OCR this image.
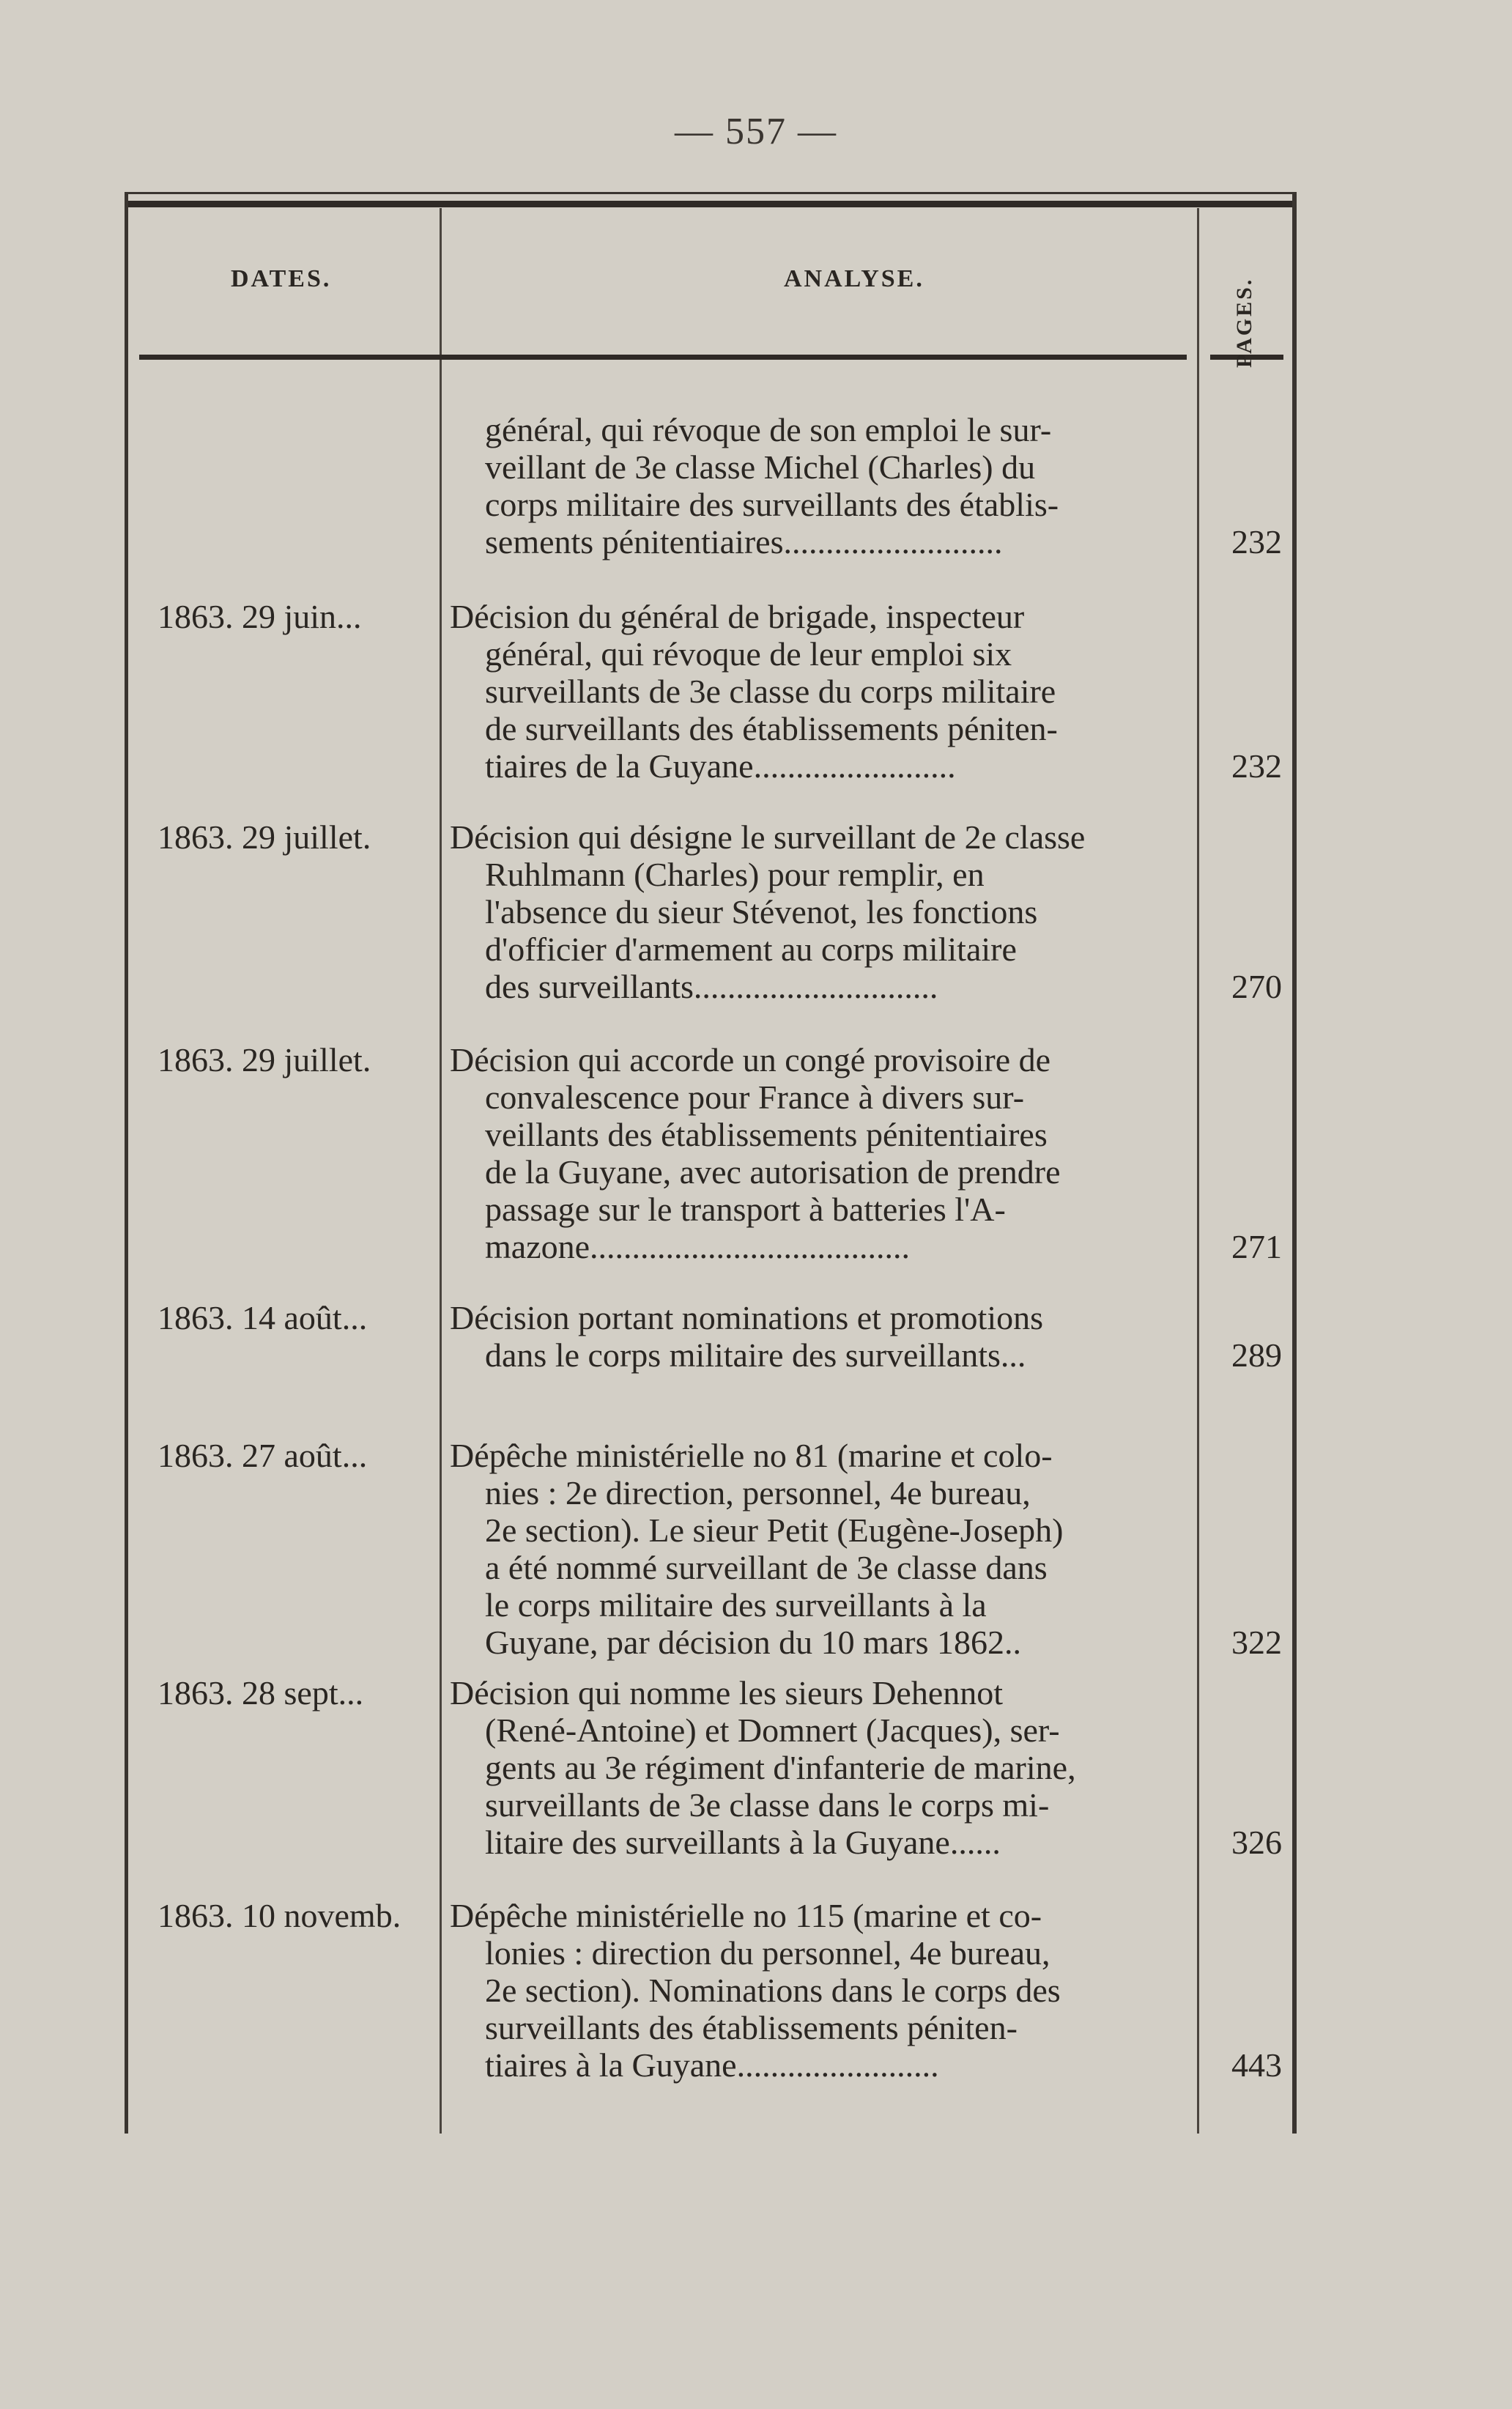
— 557 —
DATES.	ANALYSE.	PAGES.
général, qui révoque de son emploi le sur-
veillant de 3e classe Michel (Charles) du
corps militaire des surveillants des établis-
sements pénitentiaires..........................	232
1863. 29 juin...	Décision du général de brigade, inspecteur
général, qui révoque de leur emploi six
surveillants de 3e classe du corps militaire
de surveillants des établissements péniten-
tiaires de la Guyane........................	232
1863. 29 juillet. Décision qui désigne le surveillant de 2e classe
Ruhlmann (Charles) pour remplir, en
l'absence du sieur Stévenot, les fonctions
d'officier d'armement au corps militaire
des surveillants.............................	270
1863. 29 juillet. Décision qui accorde un congé provisoire de
convalescence pour France à divers sur-
veillants des établissements pénitentiaires
de la Guyane, avec autorisation de prendre
passage sur le transport à batteries l'A-
mazone......................................	271
1863. 14 août... Décision portant nominations et promotions
dans le corps militaire des surveillants...	289
1863. 27 août... Dépêche ministérielle no 81 (marine et colo-
nies : 2e direction, personnel, 4e bureau,
2e section). Le sieur Petit (Eugène-Joseph)
a été nommé surveillant de 3e classe dans
le corps militaire des surveillants à la
Guyane, par décision du 10 mars 1862..	322
1863. 28 sept...	Décision qui nomme les sieurs Dehennot
(René-Antoine) et Domnert (Jacques), ser-
gents au 3e régiment d'infanterie de marine,
surveillants de 3e classe dans le corps mi-
litaire des surveillants à la Guyane......	326
1863. 10 novemb. Dépêche ministérielle no 115 (marine et co-
lonies : direction du personnel, 4e bureau,
2e section). Nominations dans le corps des
surveillants des établissements péniten-
tiaires à la Guyane........................	443
